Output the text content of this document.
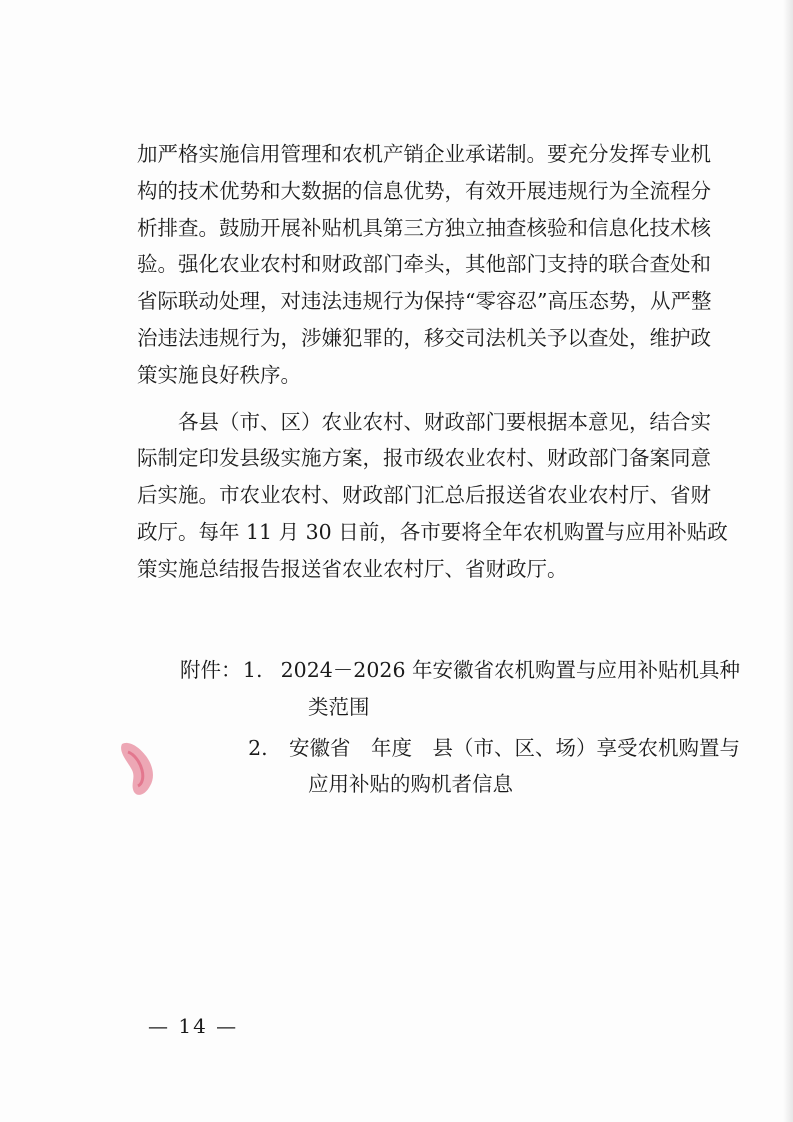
加严格实施信用管理和农机产销企业承诺制。要充分发挥专业机
构的技术优势和大数据的信息优势，有效开展违规行为全流程分
析排查。鼓励开展补贴机具第三方独立抽查核验和信息化技术核
验。强化农业农村和财政部门牵头，其他部门支持的联合查处和
省际联动处理，对违法违规行为保持“零容忍”高压态势，从严整
治违法违规行为，涉嫌犯罪的，移交司法机关予以查处，维护政
策实施良好秩序。
各县（市、区）农业农村、财政部门要根据本意见，结合实
际制定印发县级实施方案，报市级农业农村、财政部门备案同意
后实施。市农业农村、财政部门汇总后报送省农业农村厅、省财
政厅。每年 11 月 30 日前，各市要将全年农机购置与应用补贴政
策实施总结报告报送省农业农村厅、省财政厅。
附件： 1. 2024－2026 年安徽省农机购置与应用补贴机具种
类范围
2.	安徽省　年度　县（市、区、场）享受农机购置与
应用补贴的购机者信息
— 14 —
